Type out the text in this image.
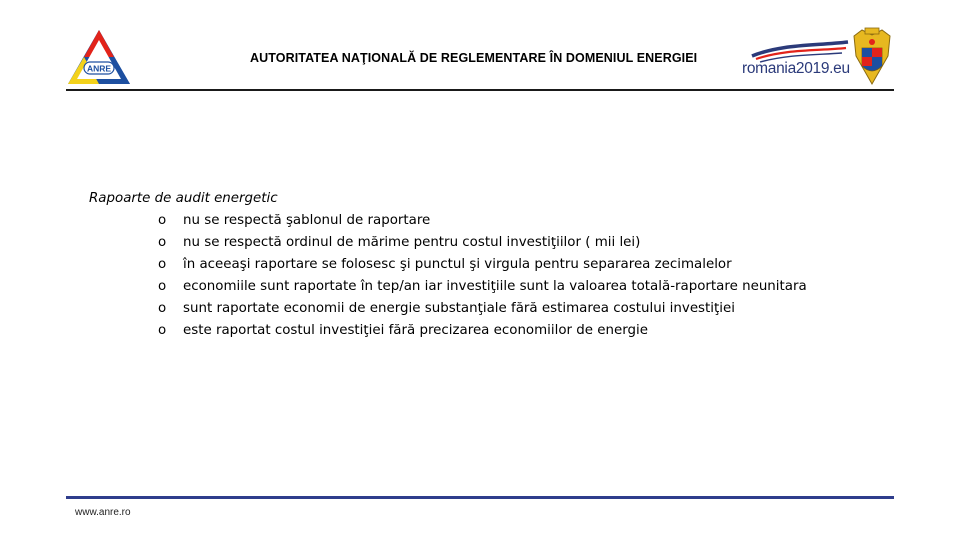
ANRE
AUTORITATEA NAŢIONALĂ DE REGLEMENTARE ÎN DOMENIUL ENERGIEI
romania2019.eu
Rapoarte de audit energetic
o nu se respectă şablonul de raportare
o nu se respectă ordinul de mărime pentru costul investiţiilor ( mii lei)
o în aceeaşi raportare se folosesc şi punctul şi virgula pentru separarea zecimalelor
o economiile sunt raportate în tep/an iar investiţiile sunt la valoarea totală-raportare neunitara
o sunt raportate economii de energie substanţiale fără estimarea costului investiţiei
o este raportat costul investiţiei fără precizarea economiilor de energie
www.anre.ro
